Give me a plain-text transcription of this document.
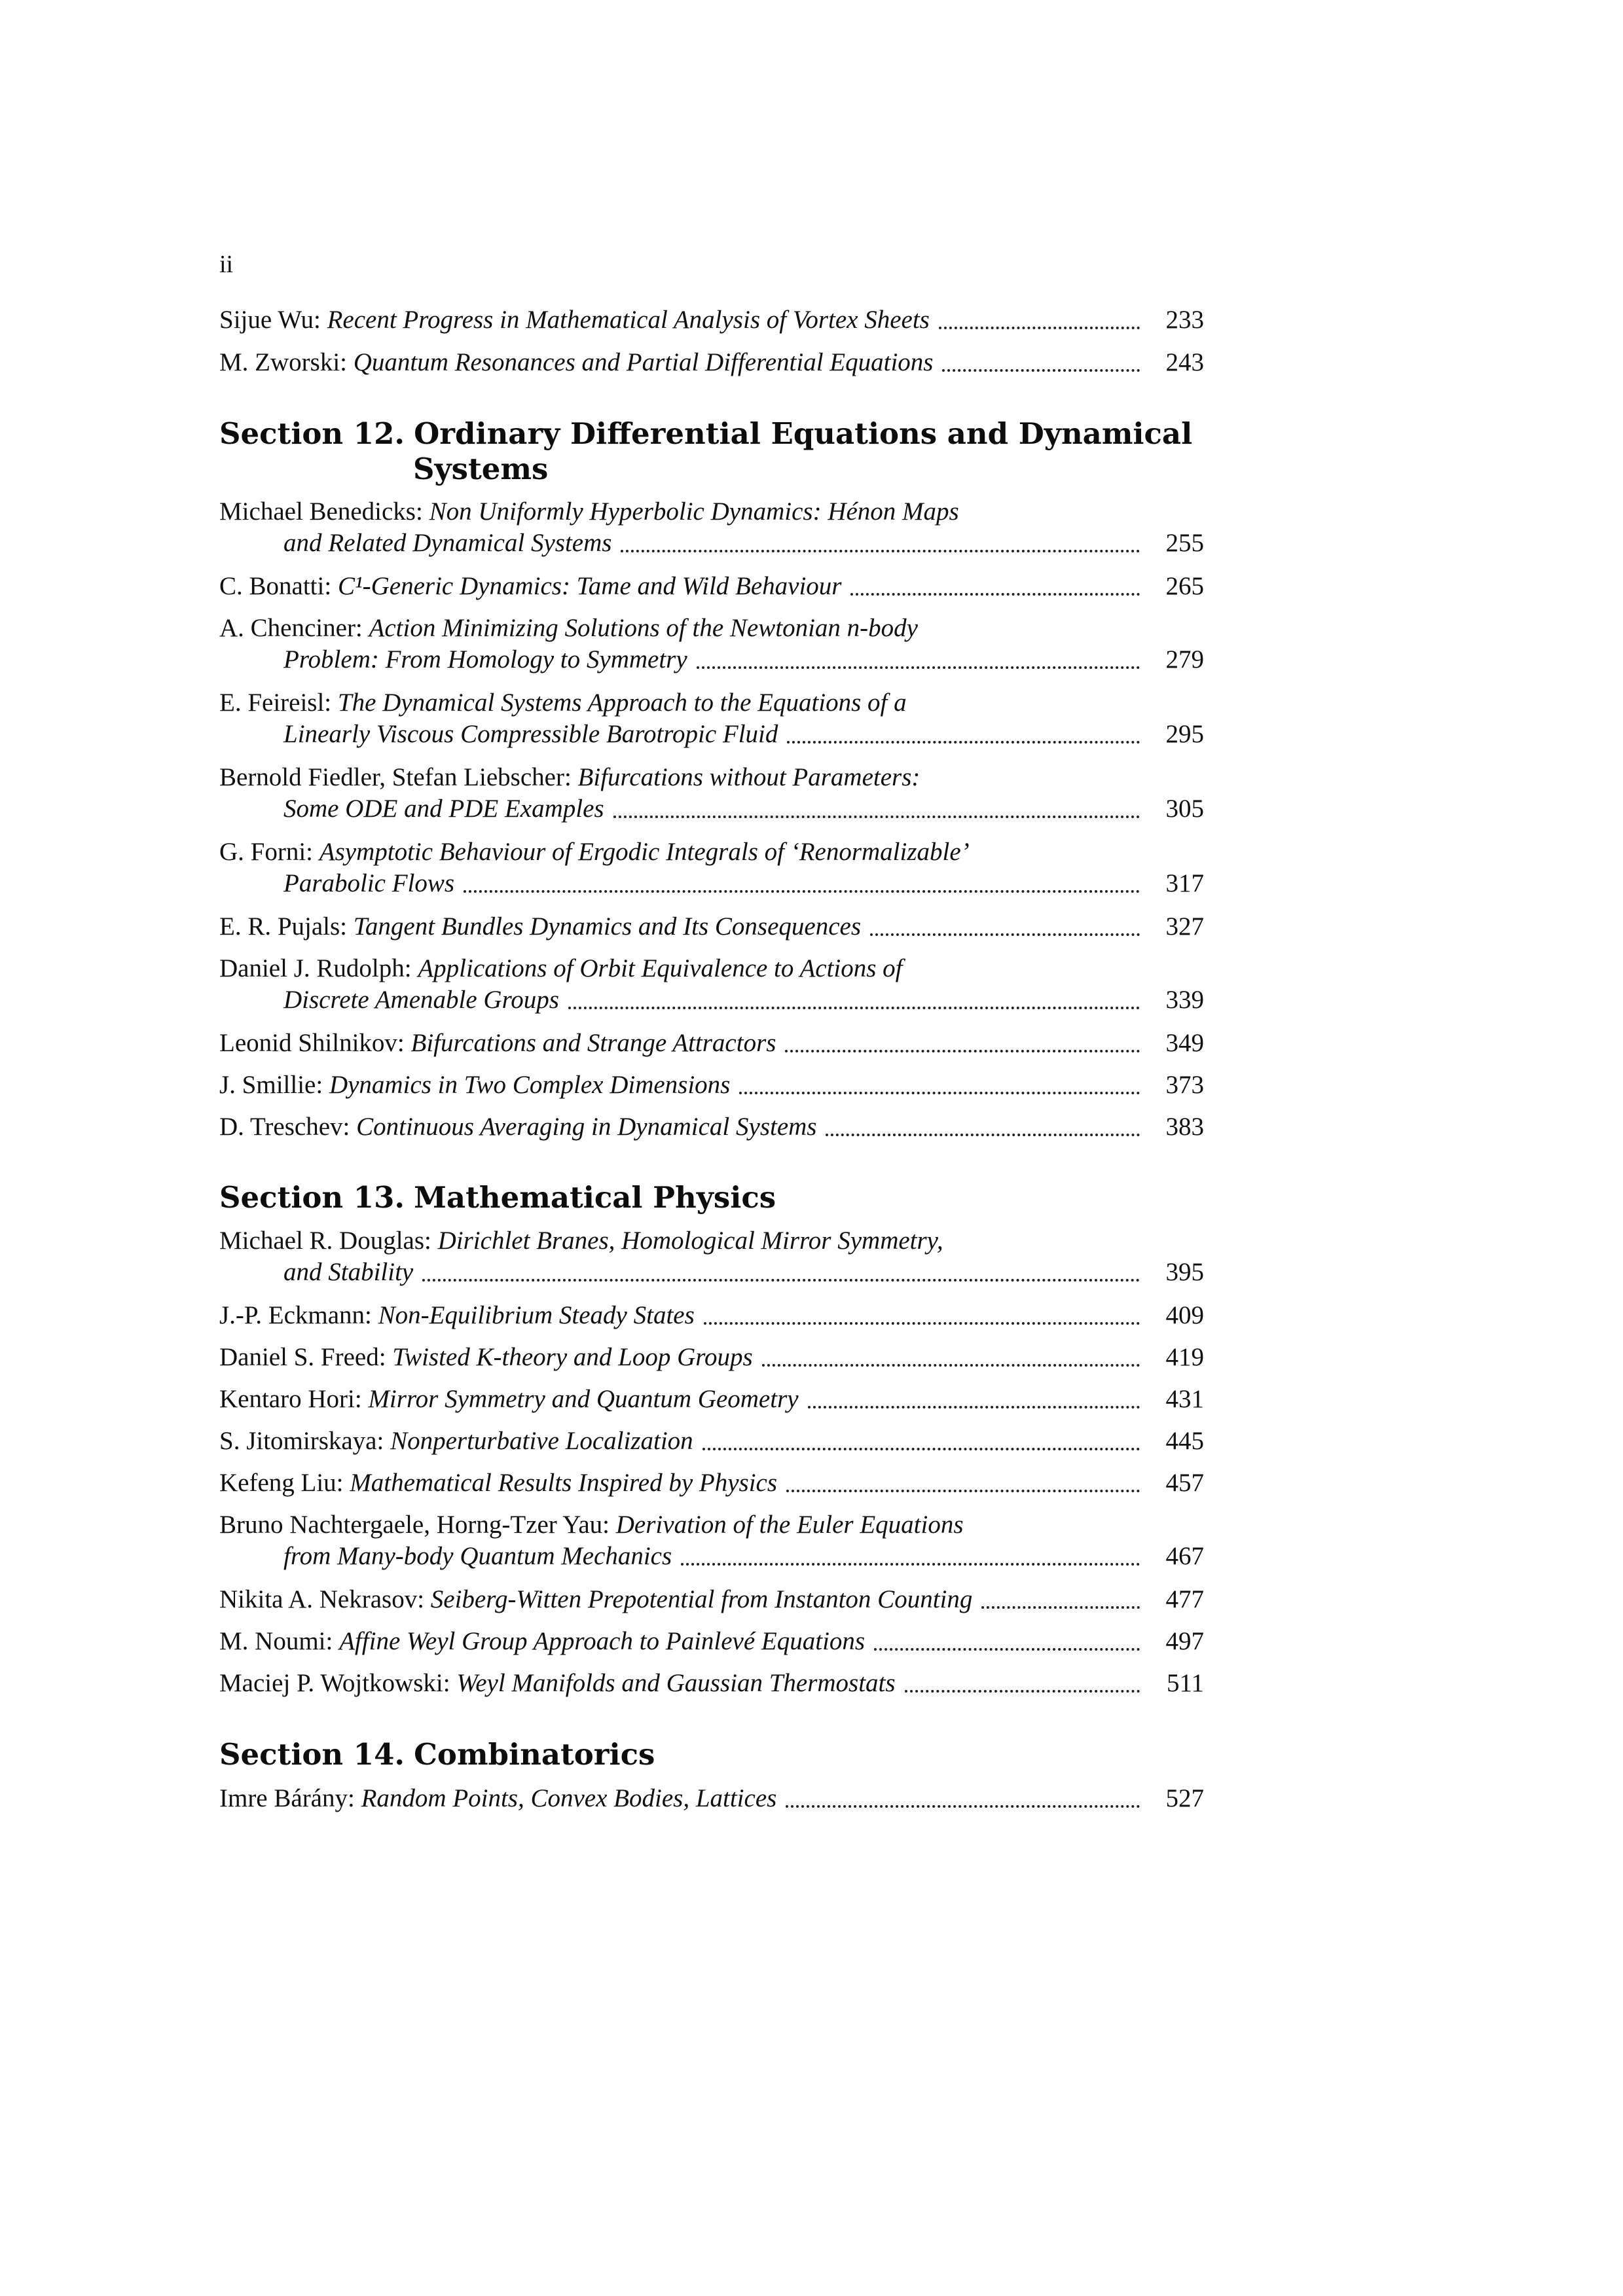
ii
Sijue Wu: Recent Progress in Mathematical Analysis of Vortex Sheets	233
M. Zworski: Quantum Resonances and Partial Differential Equations	243
Section 12. Ordinary Differential Equations and Dynamical
Systems
Michael Benedicks: Non Uniformly Hyperbolic Dynamics: Hénon Maps
and Related Dynamical Systems	255
C. Bonatti: C¹-Generic Dynamics: Tame and Wild Behaviour	265
A. Chenciner: Action Minimizing Solutions of the Newtonian n-body
Problem: From Homology to Symmetry	279
E. Feireisl: The Dynamical Systems Approach to the Equations of a
Linearly Viscous Compressible Barotropic Fluid	295
Bernold Fiedler, Stefan Liebscher: Bifurcations without Parameters:
Some ODE and PDE Examples	305
G. Forni: Asymptotic Behaviour of Ergodic Integrals of ‘Renormalizable’
Parabolic Flows	317
E. R. Pujals: Tangent Bundles Dynamics and Its Consequences	327
Daniel J. Rudolph: Applications of Orbit Equivalence to Actions of
Discrete Amenable Groups	339
Leonid Shilnikov: Bifurcations and Strange Attractors	349
J. Smillie: Dynamics in Two Complex Dimensions	373
D. Treschev: Continuous Averaging in Dynamical Systems	383
Section 13. Mathematical Physics
Michael R. Douglas: Dirichlet Branes, Homological Mirror Symmetry,
and Stability	395
J.-P. Eckmann: Non-Equilibrium Steady States	409
Daniel S. Freed: Twisted K-theory and Loop Groups	419
Kentaro Hori: Mirror Symmetry and Quantum Geometry	431
S. Jitomirskaya: Nonperturbative Localization	445
Kefeng Liu: Mathematical Results Inspired by Physics	457
Bruno Nachtergaele, Horng-Tzer Yau: Derivation of the Euler Equations
from Many-body Quantum Mechanics	467
Nikita A. Nekrasov: Seiberg-Witten Prepotential from Instanton Counting	477
M. Noumi: Affine Weyl Group Approach to Painlevé Equations	497
Maciej P. Wojtkowski: Weyl Manifolds and Gaussian Thermostats	511
Section 14. Combinatorics
Imre Bárány: Random Points, Convex Bodies, Lattices	527
